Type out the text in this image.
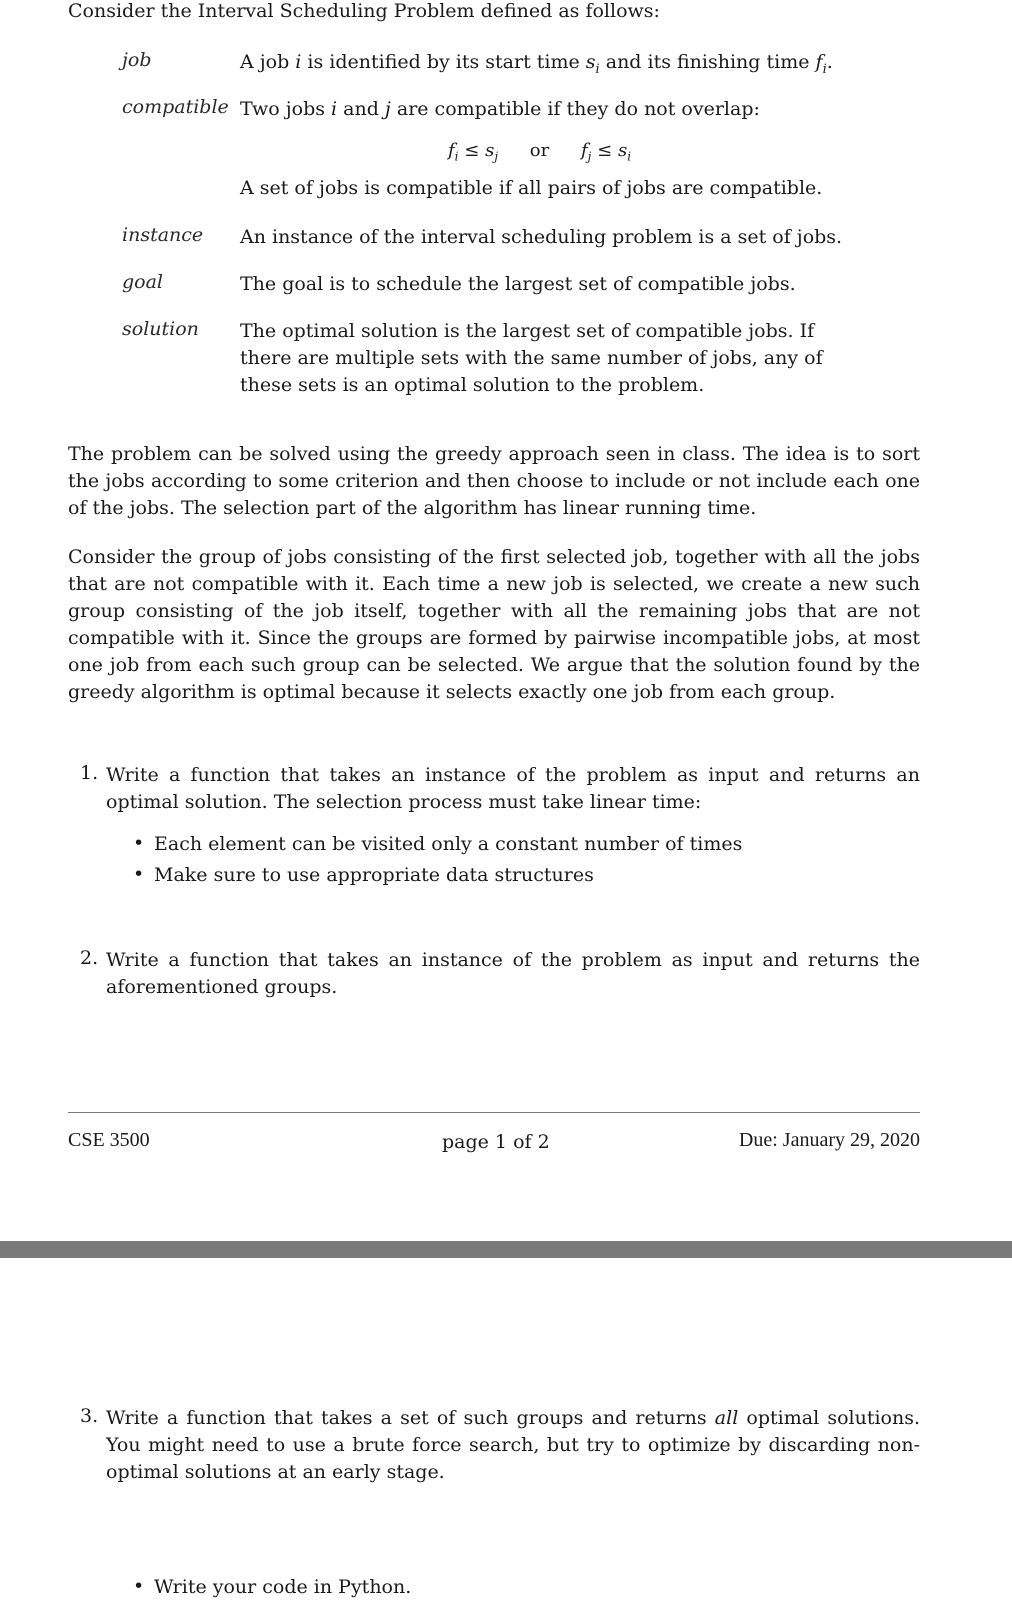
Consider the Interval Scheduling Problem defined as follows:
job	A job i is identified by its start time $s_i$ and its finishing time $f_i$.
compatible Two jobs i and j are compatible if they do not overlap:
$f_i \le s_j$ or $f_j \le s_i$
A set of jobs is compatible if all pairs of jobs are compatible.
instance An instance of the interval scheduling problem is a set of jobs.
goal	The goal is to schedule the largest set of compatible jobs.
solution The optimal solution is the largest set of compatible jobs. If there are multiple sets with the same number of jobs, any of these sets is an optimal solution to the problem.
The problem can be solved using the greedy approach seen in class. The idea is to sort the jobs according to some criterion and then choose to include or not include each one of the jobs. The selection part of the algorithm has linear running time.
Consider the group of jobs consisting of the first selected job, together with all the jobs that are not compatible with it. Each time a new job is selected, we create a new such group consisting of the job itself, together with all the remaining jobs that are not compatible with it. Since the groups are formed by pairwise incompatible jobs, at most one job from each such group can be selected. We argue that the solution found by the greedy algorithm is optimal because it selects exactly one job from each group.
1. Write a function that takes an instance of the problem as input and returns an optimal solution. The selection process must take linear time:
• Each element can be visited only a constant number of times
• Make sure to use appropriate data structures
2. Write a function that takes an instance of the problem as input and returns the aforementioned groups.
CSE 3500	page 1 of 2	Due: January 29, 2020
3. Write a function that takes a set of such groups and returns all optimal solutions. You might need to use a brute force search, but try to optimize by discarding non-optimal solutions at an early stage.
• Write your code in Python.
